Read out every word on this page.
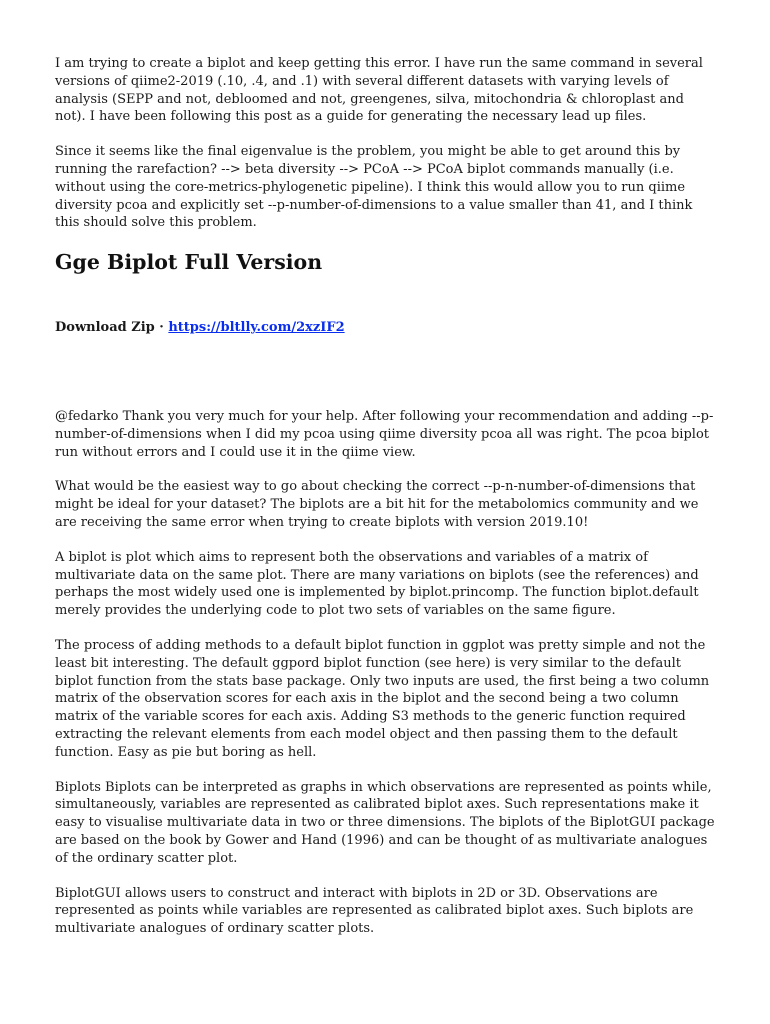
I am trying to create a biplot and keep getting this error. I have run the same command in several versions of qiime2-2019 (.10, .4, and .1) with several different datasets with varying levels of analysis (SEPP and not, debloomed and not, greengenes, silva, mitochondria & chloroplast and not). I have been following this post as a guide for generating the necessary lead up files.

Since it seems like the final eigenvalue is the problem, you might be able to get around this by running the rarefaction? --> beta diversity --> PCoA --> PCoA biplot commands manually (i.e. without using the core-metrics-phylogenetic pipeline). I think this would allow you to run qiime diversity pcoa and explicitly set --p-number-of-dimensions to a value smaller than 41, and I think this should solve this problem.

Gge Biplot Full Version
Download Zip · https://bltlly.com/2xzIF2

@fedarko Thank you very much for your help. After following your recommendation and adding --p-number-of-dimensions when I did my pcoa using qiime diversity pcoa all was right. The pcoa biplot run without errors and I could use it in the qiime view.

What would be the easiest way to go about checking the correct --p-n-number-of-dimensions that might be ideal for your dataset? The biplots are a bit hit for the metabolomics community and we are receiving the same error when trying to create biplots with version 2019.10!

A biplot is plot which aims to represent both the observations and variables of a matrix of multivariate data on the same plot. There are many variations on biplots (see the references) and perhaps the most widely used one is implemented by biplot.princomp. The function biplot.default merely provides the underlying code to plot two sets of variables on the same figure.

The process of adding methods to a default biplot function in ggplot was pretty simple and not the least bit interesting. The default ggpord biplot function (see here) is very similar to the default biplot function from the stats base package. Only two inputs are used, the first being a two column matrix of the observation scores for each axis in the biplot and the second being a two column matrix of the variable scores for each axis. Adding S3 methods to the generic function required extracting the relevant elements from each model object and then passing them to the default function. Easy as pie but boring as hell.

Biplots Biplots can be interpreted as graphs in which observations are represented as points while, simultaneously, variables are represented as calibrated biplot axes. Such representations make it easy to visualise multivariate data in two or three dimensions. The biplots of the BiplotGUI package are based on the book by Gower and Hand (1996) and can be thought of as multivariate analogues of the ordinary scatter plot.

BiplotGUI allows users to construct and interact with biplots in 2D or 3D. Observations are represented as points while variables are represented as calibrated biplot axes. Such biplots are multivariate analogues of ordinary scatter plots.
